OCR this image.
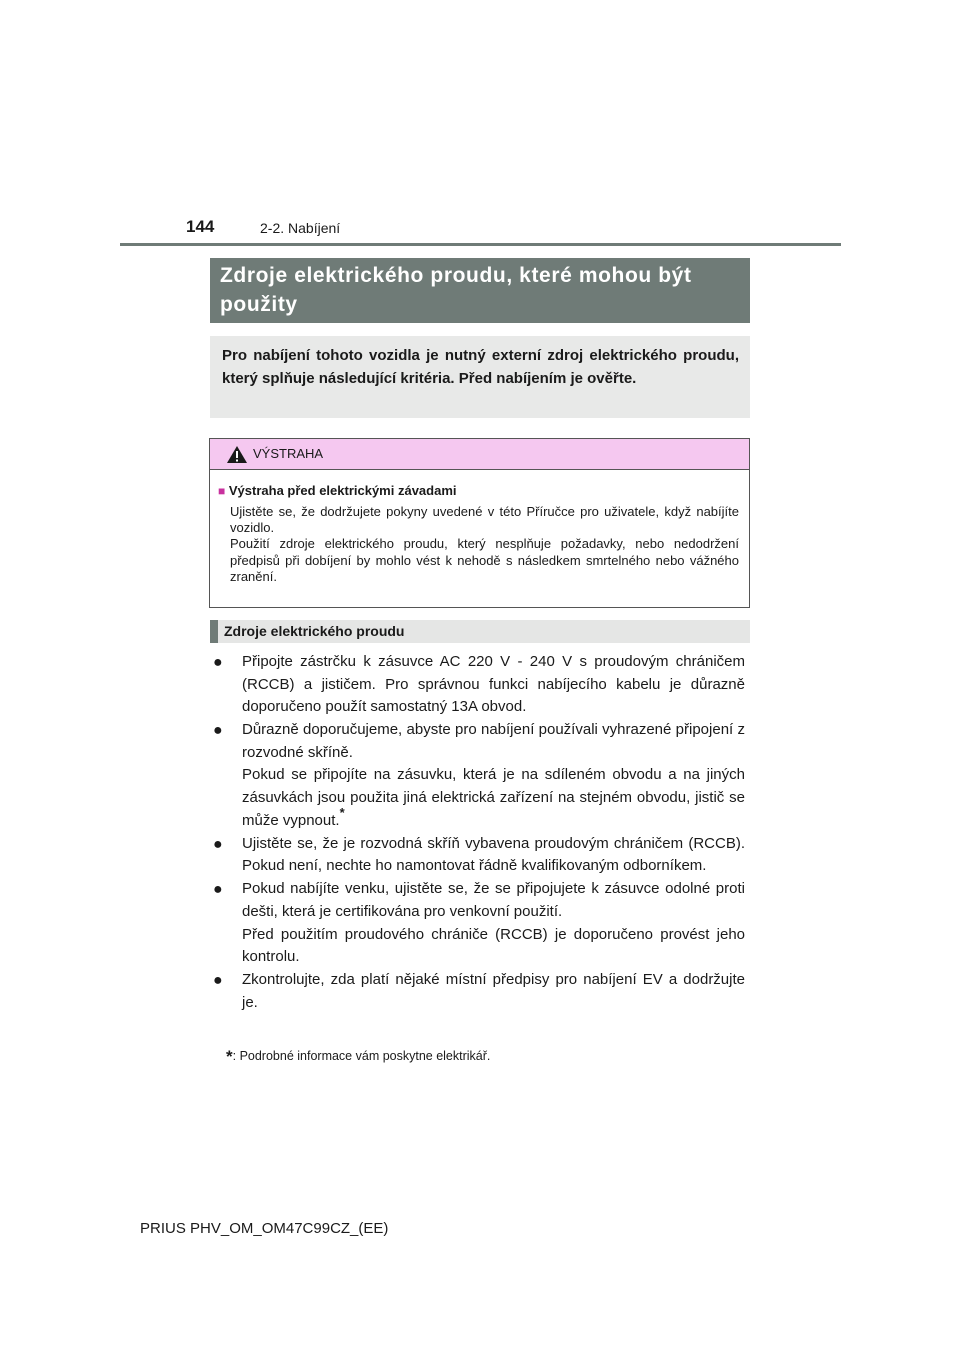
144	2-2. Nabíjení
Zdroje elektrického proudu, které mohou být použity

Pro nabíjení tohoto vozidla je nutný externí zdroj elektrického proudu, který splňuje následující kritéria. Před nabíjením je ověřte.

VÝSTRAHA
■ Výstraha před elektrickými závadami
Ujistěte se, že dodržujete pokyny uvedené v této Příručce pro uživatele, když nabíjíte vozidlo.
Použití zdroje elektrického proudu, který nesplňuje požadavky, nebo nedodržení předpisů při dobíjení by mohlo vést k nehodě s následkem smrtelného nebo vážného zranění.
Zdroje elektrického proudu
● Připojte zástrčku k zásuvce AC 220 V - 240 V s proudovým chráničem (RCCB) a jističem. Pro správnou funkci nabíjecího kabelu je důrazně doporučeno použít samostatný 13A obvod.

● Důrazně doporučujeme, abyste pro nabíjení používali vyhrazené připojení z rozvodné skříně.

Pokud se připojíte na zásuvku, která je na sdíleném obvodu a na jiných zásuvkách jsou použita jiná elektrická zařízení na stejném obvodu, jistič se může vypnout.*

● Ujistěte se, že je rozvodná skříň vybavena proudovým chráničem (RCCB). Pokud není, nechte ho namontovat řádně kvalifikovaným odborníkem.

● Pokud nabíjíte venku, ujistěte se, že se připojujete k zásuvce odolné proti dešti, která je certifikována pro venkovní použití.

Před použitím proudového chrániče (RCCB) je doporučeno provést jeho kontrolu.

● Zkontrolujte, zda platí nějaké místní předpisy pro nabíjení EV a dodržujte je.

*: Podrobné informace vám poskytne elektrikář.
PRIUS PHV_OM_OM47C99CZ_(EE)
